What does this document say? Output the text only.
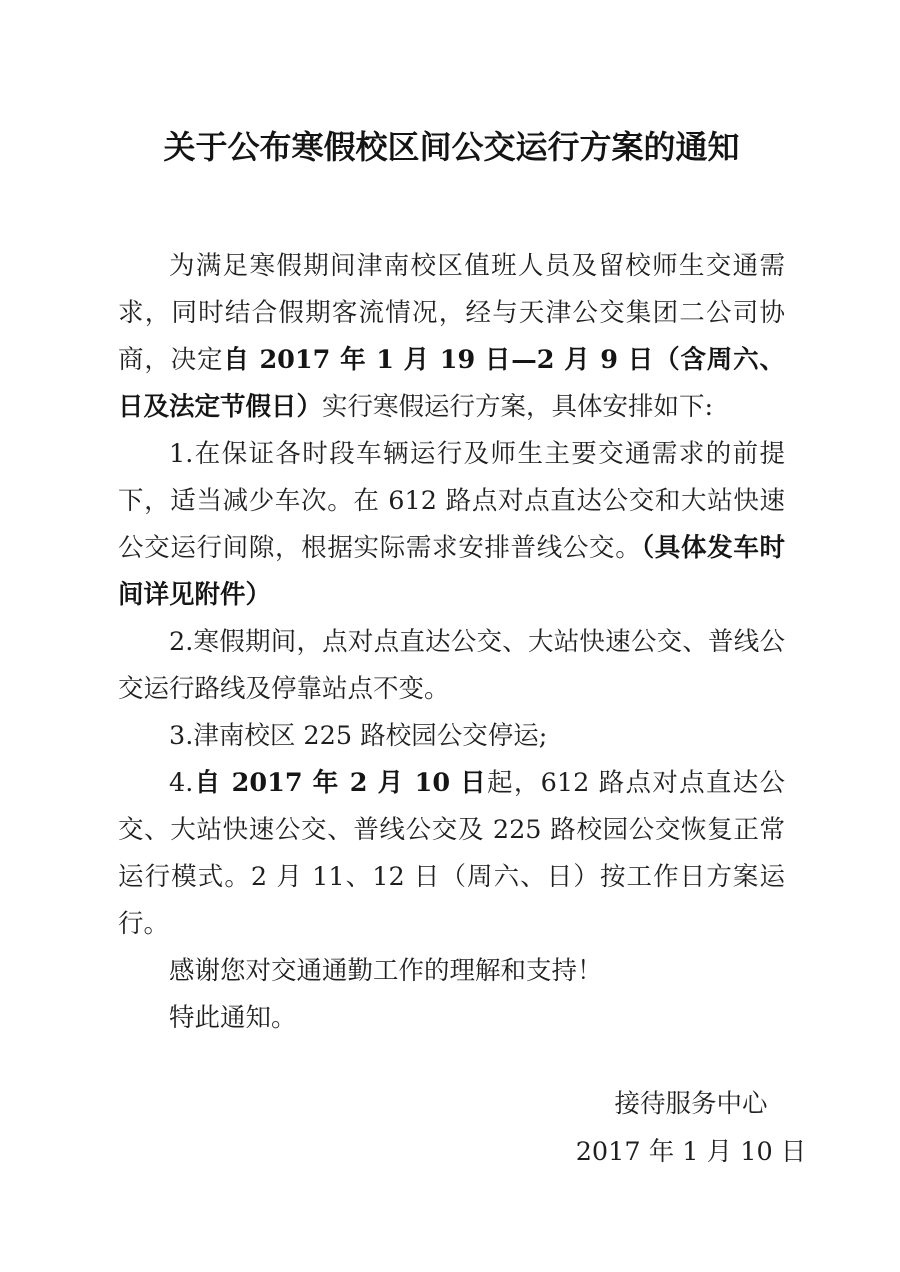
关于公布寒假校区间公交运行方案的通知

为满足寒假期间津南校区值班人员及留校师生交通需求，同时结合假期客流情况，经与天津公交集团二公司协商，决定自 2017 年 1 月 19 日—2 月 9 日（含周六、日及法定节假日）实行寒假运行方案，具体安排如下:

1.在保证各时段车辆运行及师生主要交通需求的前提下，适当减少车次。在 612 路点对点直达公交和大站快速公交运行间隙，根据实际需求安排普线公交。（具体发车时间详见附件）

2.寒假期间，点对点直达公交、大站快速公交、普线公交运行路线及停靠站点不变。

3.津南校区 225 路校园公交停运;

4.自 2017 年 2 月 10 日起，612 路点对点直达公交、大站快速公交、普线公交及 225 路校园公交恢复正常运行模式。2 月 11、12 日（周六、日）按工作日方案运行。

感谢您对交通通勤工作的理解和支持！

特此通知。

接待服务中心
2017 年 1 月 10 日
